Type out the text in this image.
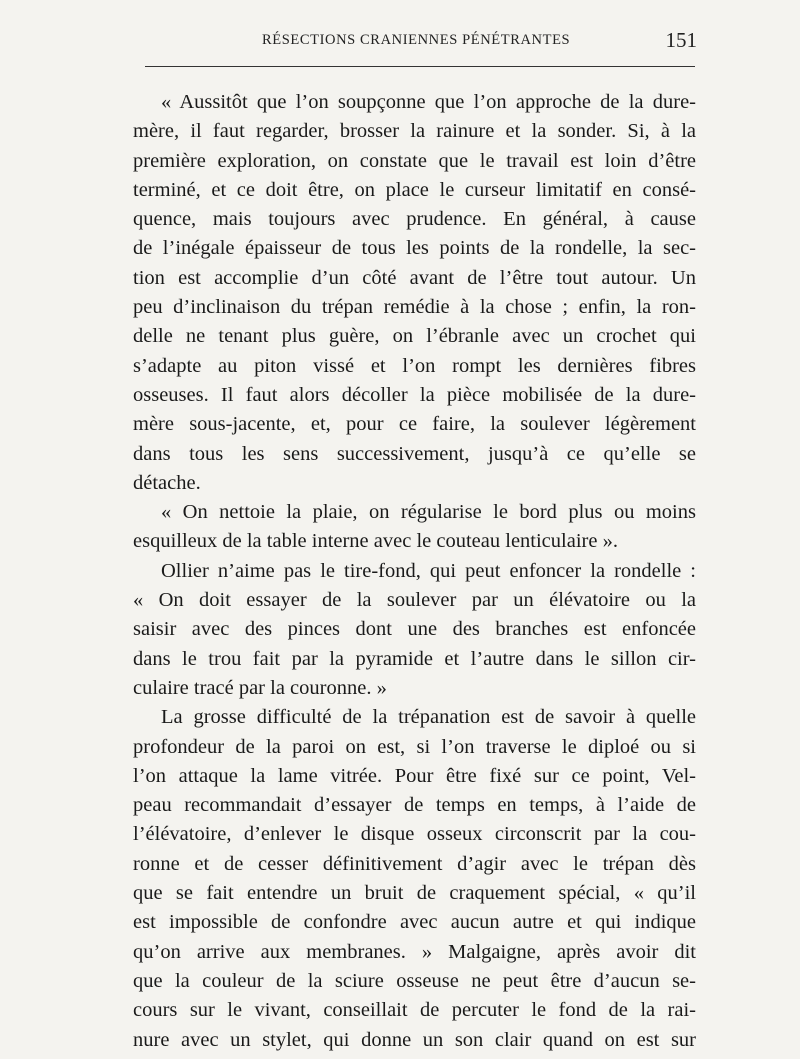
RÉSECTIONS CRANIENNES PÉNÉTRANTES	151
« Aussitôt que l’on soupçonne que l’on approche de la dure-
mère, il faut regarder, brosser la rainure et la sonder. Si, à la
première exploration, on constate que le travail est loin d’être
terminé, et ce doit être, on place le curseur limitatif en consé-
quence, mais toujours avec prudence. En général, à cause
de l’inégale épaisseur de tous les points de la rondelle, la sec-
tion est accomplie d’un côté avant de l’être tout autour. Un
peu d’inclinaison du trépan remédie à la chose ; enfin, la ron-
delle ne tenant plus guère, on l’ébranle avec un crochet qui
s’adapte au piton vissé et l’on rompt les dernières fibres
osseuses. Il faut alors décoller la pièce mobilisée de la dure-
mère sous-jacente, et, pour ce faire, la soulever légèrement
dans tous les sens successivement, jusqu’à ce qu’elle se
détache.
« On nettoie la plaie, on régularise le bord plus ou moins
esquilleux de la table interne avec le couteau lenticulaire ».
Ollier n’aime pas le tire-fond, qui peut enfoncer la rondelle :
« On doit essayer de la soulever par un élévatoire ou la
saisir avec des pinces dont une des branches est enfoncée
dans le trou fait par la pyramide et l’autre dans le sillon cir-
culaire tracé par la couronne. »
La grosse difficulté de la trépanation est de savoir à quelle
profondeur de la paroi on est, si l’on traverse le diploé ou si
l’on attaque la lame vitrée. Pour être fixé sur ce point, Vel-
peau recommandait d’essayer de temps en temps, à l’aide de
l’élévatoire, d’enlever le disque osseux circonscrit par la cou-
ronne et de cesser définitivement d’agir avec le trépan dès
que se fait entendre un bruit de craquement spécial, « qu’il
est impossible de confondre avec aucun autre et qui indique
qu’on arrive aux membranes. » Malgaigne, après avoir dit
que la couleur de la sciure osseuse ne peut être d’aucun se-
cours sur le vivant, conseillait de percuter le fond de la rai-
nure avec un stylet, qui donne un son clair quand on est sur
